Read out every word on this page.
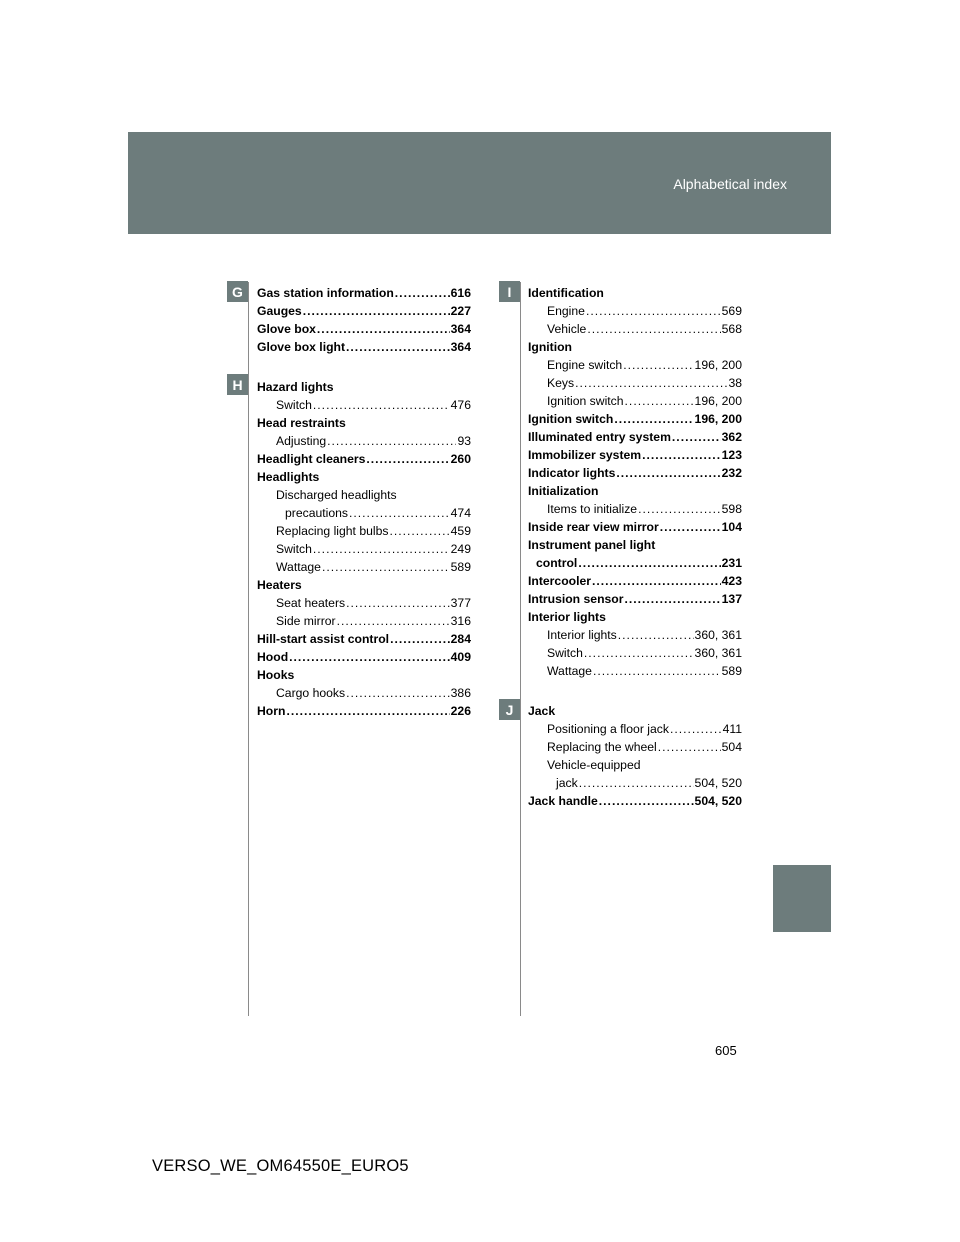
Alphabetical index
G
H
I
J
Gas station information .....	616
Gauges .....	227
Glove box .....	364
Glove box light .....	364
Hazard lights
Switch .....	476
Head restraints
Adjusting .....	93
Headlight cleaners .....	260
Headlights
Discharged headlights
precautions .....	474
Replacing light bulbs .....	459
Switch .....	249
Wattage .....	589
Heaters
Seat heaters .....	377
Side mirror .....	316
Hill-start assist control .....	284
Hood .....	409
Hooks
Cargo hooks .....	386
Horn .....	226
Identification
Engine .....	569
Vehicle .....	568
Ignition
Engine switch .....	196, 200
Keys .....	38
Ignition switch .....	196, 200
Ignition switch .....	196, 200
Illuminated entry system .....	362
Immobilizer system .....	123
Indicator lights .....	232
Initialization
Items to initialize .....	598
Inside rear view mirror .....	104
Instrument panel light
control .....	231
Intercooler .....	423
Intrusion sensor .....	137
Interior lights
Interior lights .....	360, 361
Switch .....	360, 361
Wattage .....	589
Jack
Positioning a floor jack .....	411
Replacing the wheel .....	504
Vehicle-equipped
jack .....	504, 520
Jack handle .....	504, 520
605
VERSO_WE_OM64550E_EURO5
